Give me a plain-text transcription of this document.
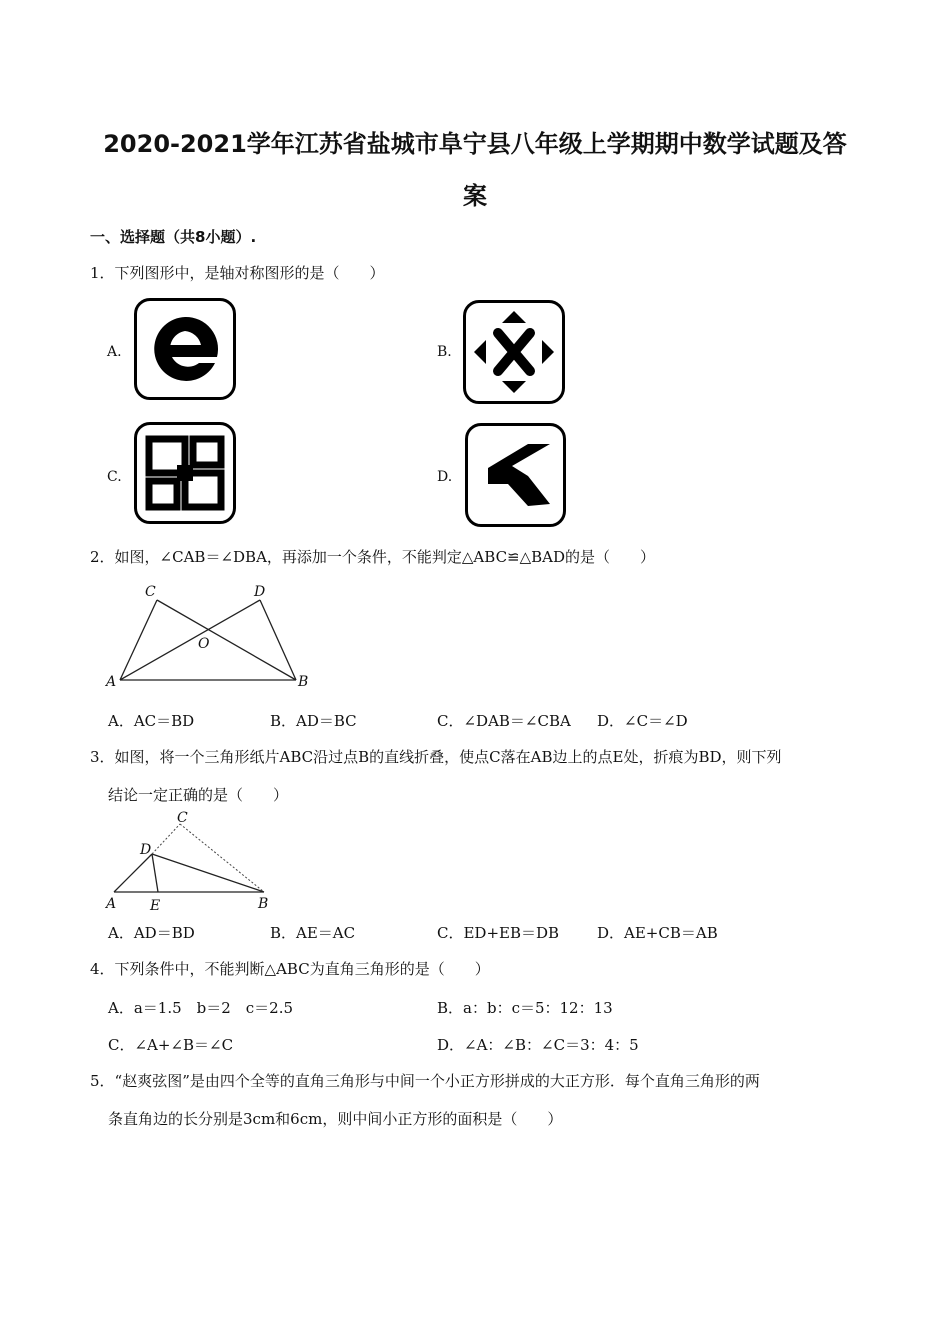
2020-2021学年江苏省盐城市阜宁县八年级上学期期中数学试题及答
案
一、选择题（共8小题）.
1．下列图形中，是轴对称图形的是（　　）
A.	B.
C.	D.
2．如图，∠CAB＝∠DBA，再添加一个条件，不能判定△ABC≌△BAD的是（　　）
C	D
O
A	B
A．AC＝BD	B．AD＝BC	C．∠DAB＝∠CBA D．∠C＝∠D
3．如图，将一个三角形纸片ABC沿过点B的直线折叠，使点C落在AB边上的点E处，折痕为BD，则下列
结论一定正确的是（　　）
C
D
A E	B
A．AD＝BD	B．AE＝AC	C．ED+EB＝DB	D．AE+CB＝AB
4．下列条件中，不能判断△ABC为直角三角形的是（　　）
A．a＝1.5　b＝2　c＝2.5	B．a：b：c＝5：12：13
C．∠A+∠B＝∠C	D．∠A：∠B：∠C＝3：4：5
5．“赵爽弦图”是由四个全等的直角三角形与中间一个小正方形拼成的大正方形．每个直角三角形的两
条直角边的长分别是3cm和6cm，则中间小正方形的面积是（　　）
